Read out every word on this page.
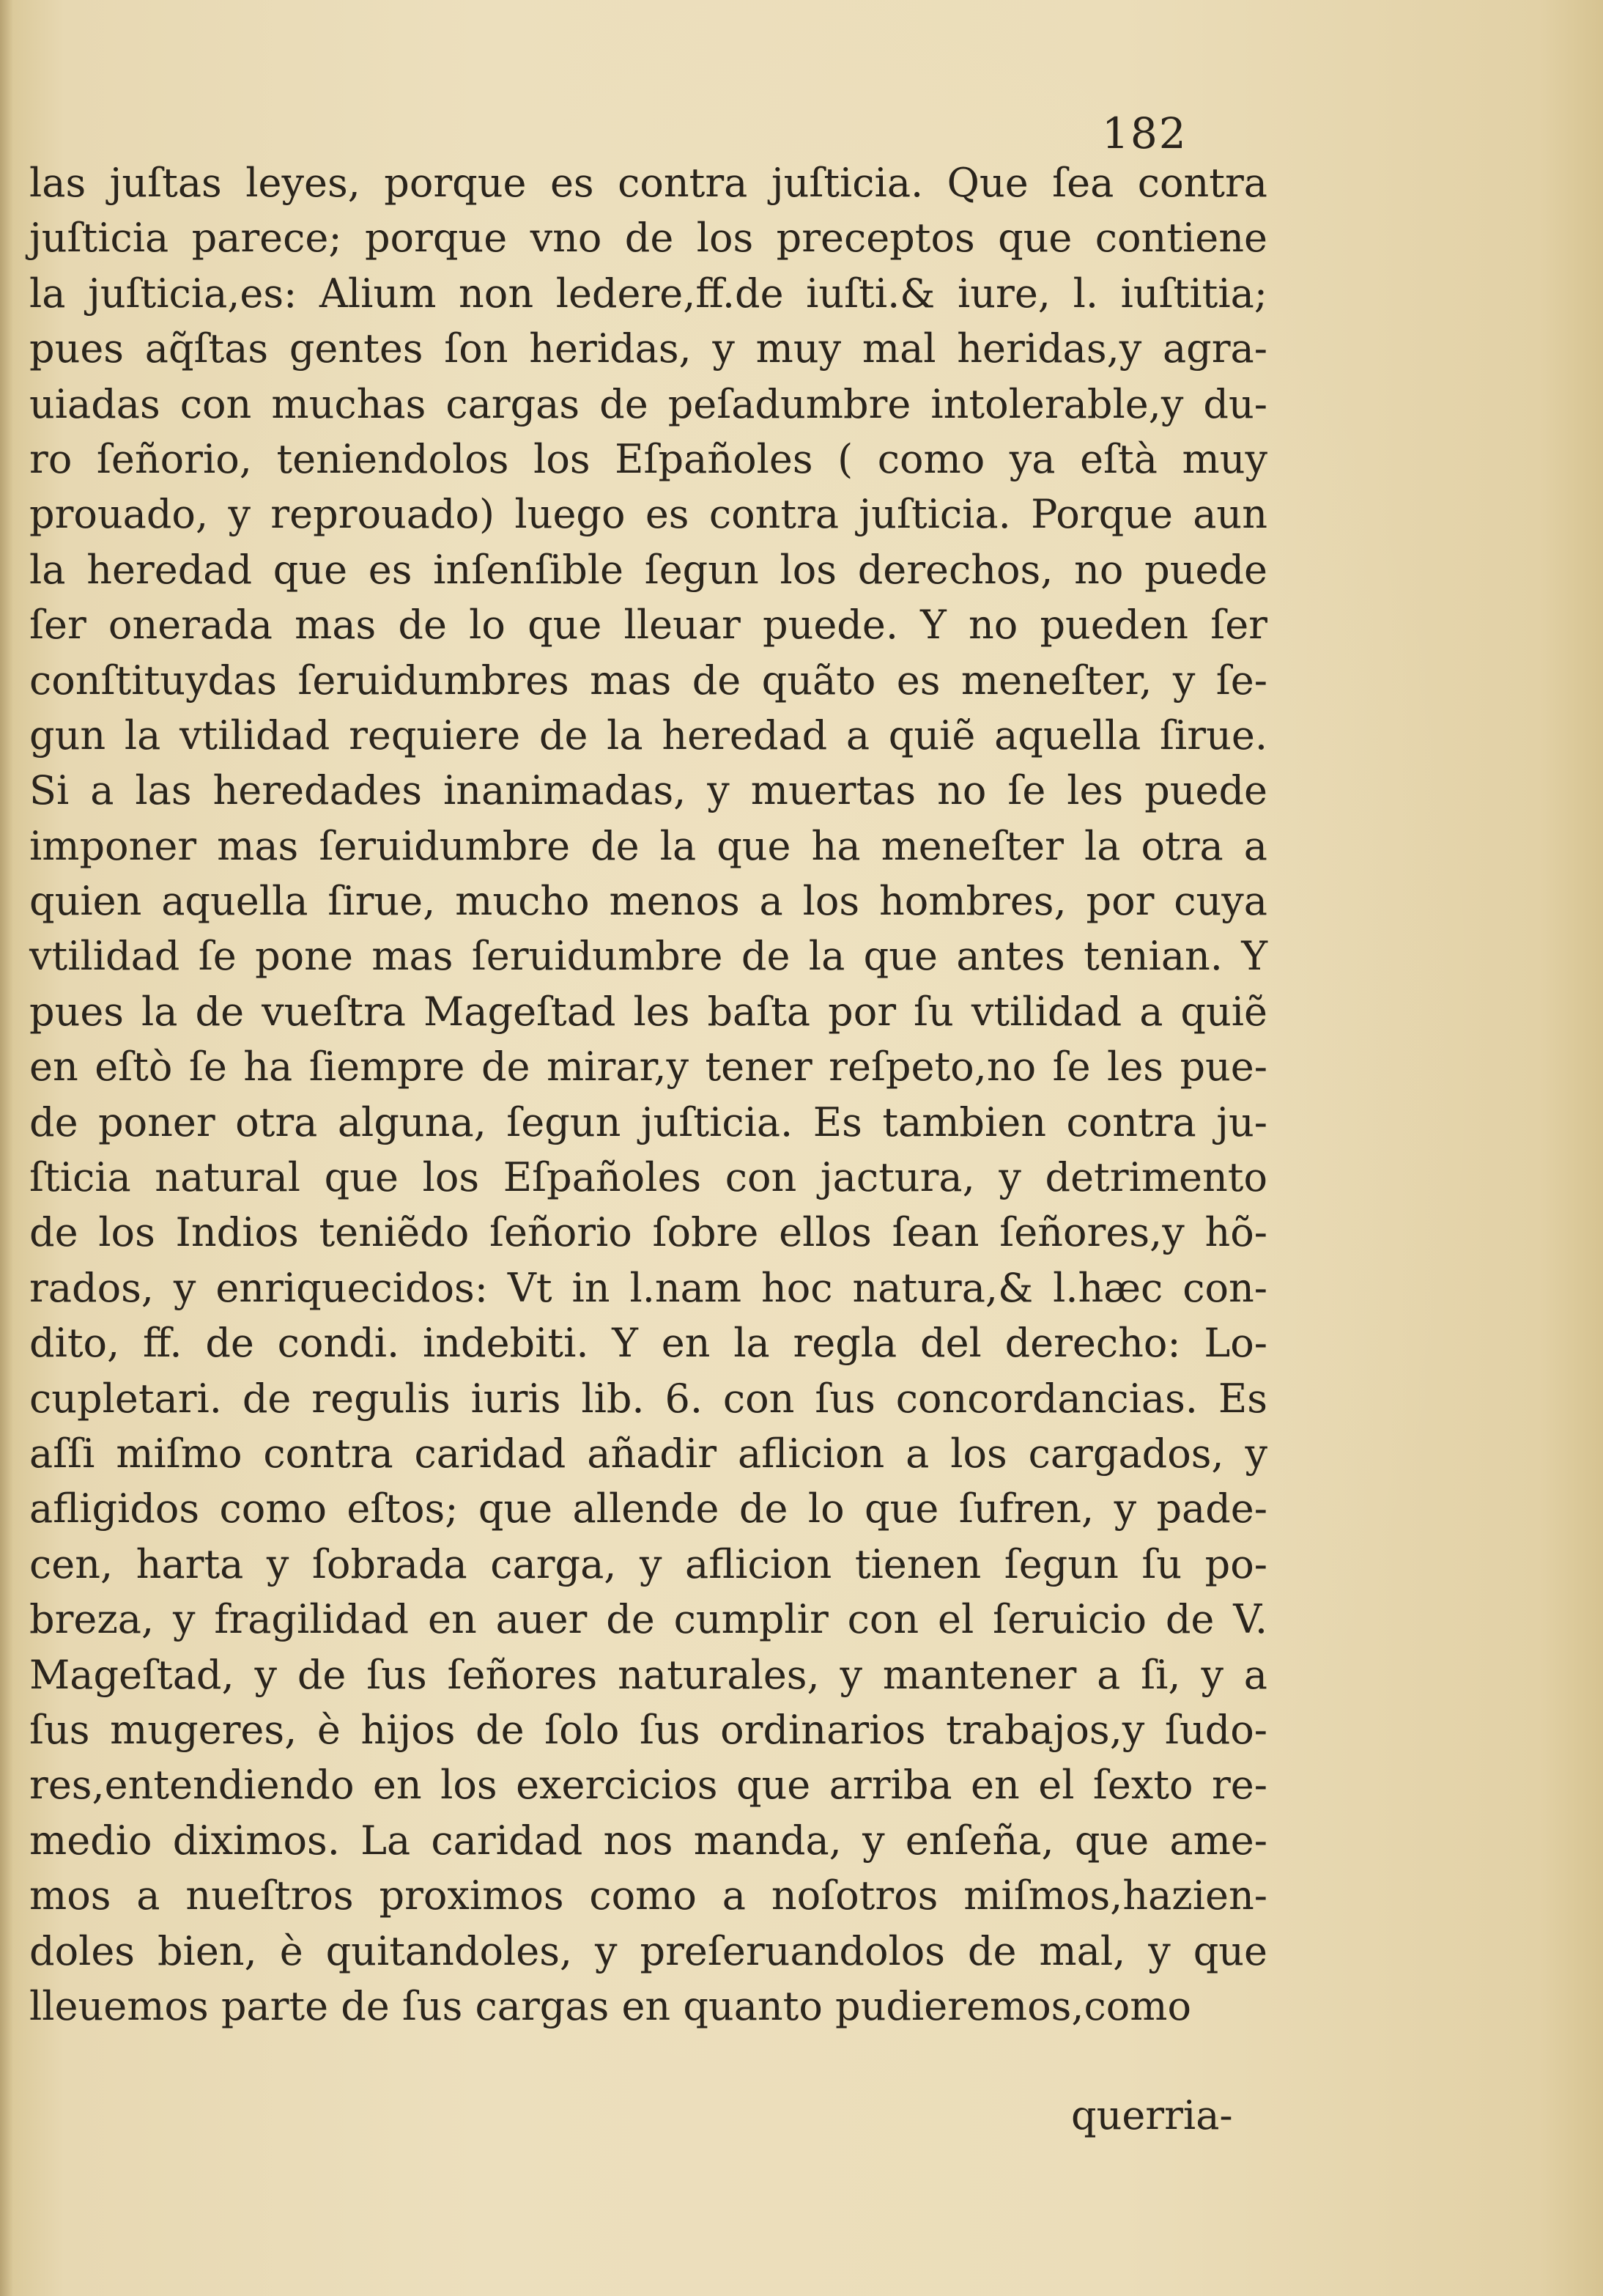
182
las juſtas leyes, porque es contra juſticia. Que ſea contra
juſticia parece; porque vno de los preceptos que contiene
la juſticia,es: Alium non ledere,ff.de iuſti.& iure, l. iuſtitia;
pues aq̃ſtas gentes ſon heridas, y muy mal heridas,y agra-
uiadas con muchas cargas de peſadumbre intolerable,y du-
ro ſeñorio, teniendolos los Eſpañoles ( como ya eſtà muy
prouado, y reprouado) luego es contra juſticia. Porque aun
la heredad que es inſenſible ſegun los derechos, no puede
ſer onerada mas de lo que lleuar puede. Y no pueden ſer
conſtituydas ſeruidumbres mas de quãto es meneſter, y ſe-
gun la vtilidad requiere de la heredad a quiẽ aquella ſirue.
Si a las heredades inanimadas, y muertas no ſe les puede
imponer mas ſeruidumbre de la que ha meneſter la otra a
quien aquella ſirue, mucho menos a los hombres, por cuya
vtilidad ſe pone mas ſeruidumbre de la que antes tenian. Y
pues la de vueſtra Mageſtad les baſta por ſu vtilidad a quiẽ
en eſtò ſe ha ſiempre de mirar,y tener reſpeto,no ſe les pue-
de poner otra alguna, ſegun juſticia. Es tambien contra ju-
ſticia natural que los Eſpañoles con jactura, y detrimento
de los Indios teniẽdo ſeñorio ſobre ellos ſean ſeñores,y hõ-
rados, y enriquecidos: Vt in l.nam hoc natura,& l.hæc con-
dito, ff. de condi. indebiti. Y en la regla del derecho: Lo-
cupletari. de regulis iuris lib. 6. con ſus concordancias. Es
aſſi miſmo contra caridad añadir aflicion a los cargados, y
afligidos como eſtos; que allende de lo que ſufren, y pade-
cen, harta y ſobrada carga, y aflicion tienen ſegun ſu po-
breza, y fragilidad en auer de cumplir con el ſeruicio de V.
Mageſtad, y de ſus ſeñores naturales, y mantener a ſi, y a
ſus mugeres, è hijos de ſolo ſus ordinarios trabajos,y ſudo-
res,entendiendo en los exercicios que arriba en el ſexto re-
medio diximos. La caridad nos manda, y enſeña, que ame-
mos a nueſtros proximos como a noſotros miſmos,hazien-
doles bien, è quitandoles, y preſeruandolos de mal, y que
lleuemos parte de ſus cargas en quanto pudieremos,como
querria-
